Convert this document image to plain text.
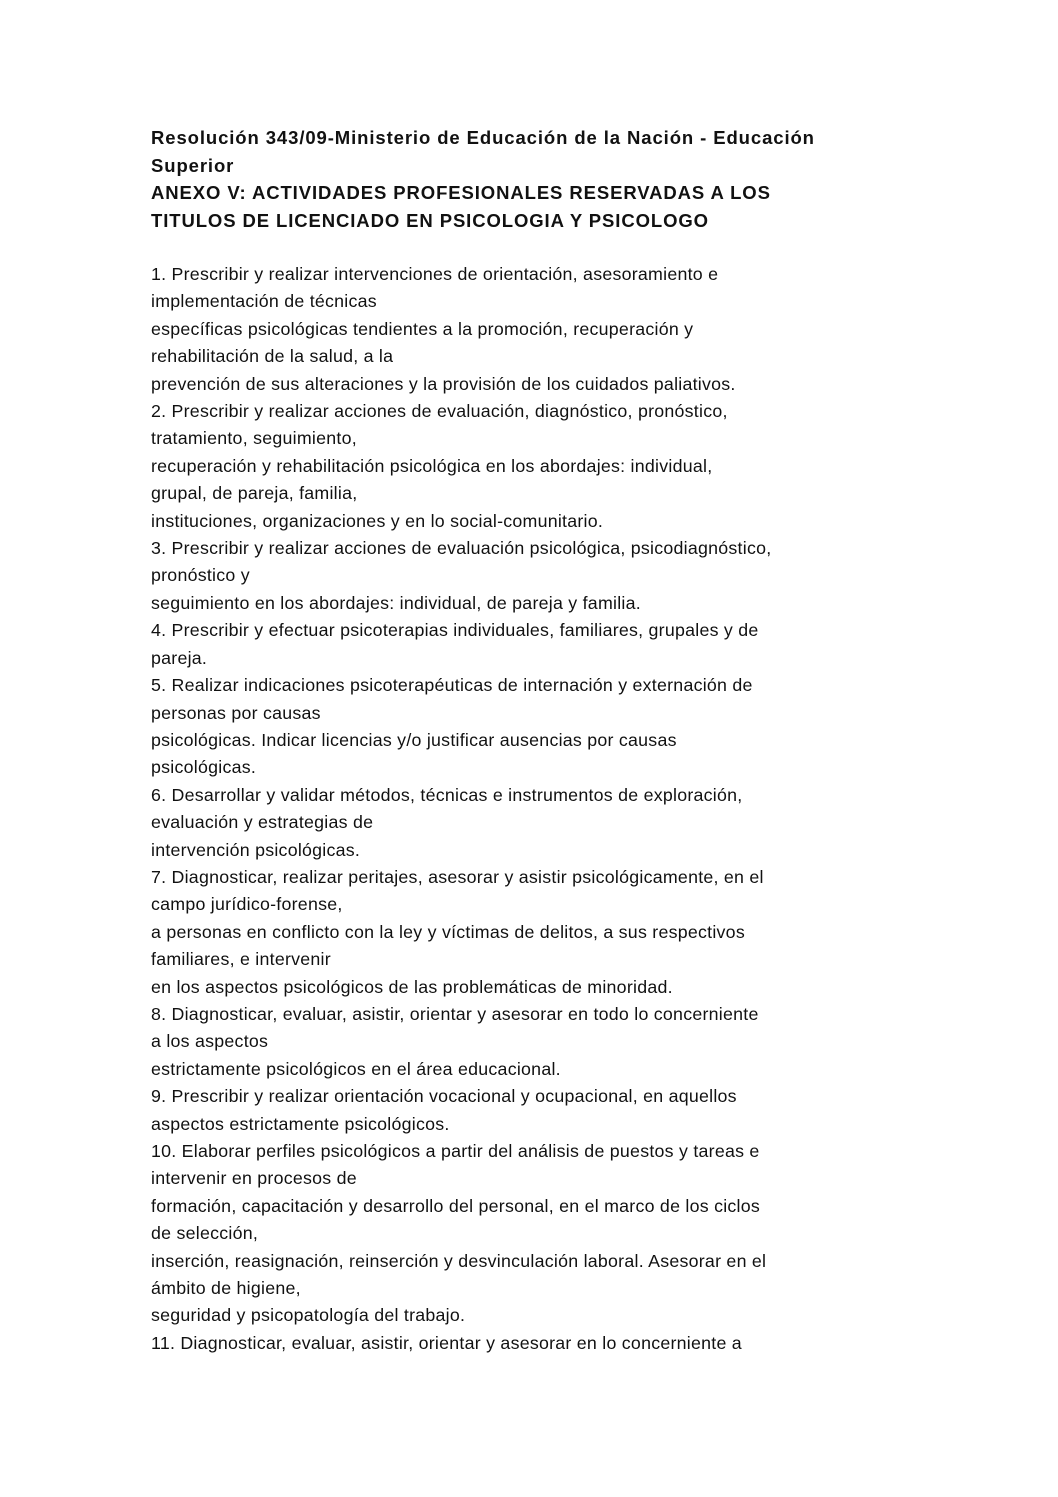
Resolución 343/09-Ministerio de Educación de la Nación - Educación
Superior
ANEXO V: ACTIVIDADES PROFESIONALES RESERVADAS A LOS
TITULOS DE LICENCIADO EN PSICOLOGIA Y PSICOLOGO
1. Prescribir y realizar intervenciones de orientación, asesoramiento e
implementación de técnicas
específicas psicológicas tendientes a la promoción, recuperación y
rehabilitación de la salud, a la
prevención de sus alteraciones y la provisión de los cuidados paliativos.
2. Prescribir y realizar acciones de evaluación, diagnóstico, pronóstico,
tratamiento, seguimiento,
recuperación y rehabilitación psicológica en los abordajes: individual,
grupal, de pareja, familia,
instituciones, organizaciones y en lo social-comunitario.
3. Prescribir y realizar acciones de evaluación psicológica, psicodiagnóstico,
pronóstico y
seguimiento en los abordajes: individual, de pareja y familia.
4. Prescribir y efectuar psicoterapias individuales, familiares, grupales y de
pareja.
5. Realizar indicaciones psicoterapéuticas de internación y externación de
personas por causas
psicológicas. Indicar licencias y/o justificar ausencias por causas
psicológicas.
6. Desarrollar y validar métodos, técnicas e instrumentos de exploración,
evaluación y estrategias de
intervención psicológicas.
7. Diagnosticar, realizar peritajes, asesorar y asistir psicológicamente, en el
campo jurídico-forense,
a personas en conflicto con la ley y víctimas de delitos, a sus respectivos
familiares, e intervenir
en los aspectos psicológicos de las problemáticas de minoridad.
8. Diagnosticar, evaluar, asistir, orientar y asesorar en todo lo concerniente
a los aspectos
estrictamente psicológicos en el área educacional.
9. Prescribir y realizar orientación vocacional y ocupacional, en aquellos
aspectos estrictamente psicológicos.
10. Elaborar perfiles psicológicos a partir del análisis de puestos y tareas e
intervenir en procesos de
formación, capacitación y desarrollo del personal, en el marco de los ciclos
de selección,
inserción, reasignación, reinserción y desvinculación laboral. Asesorar en el
ámbito de higiene,
seguridad y psicopatología del trabajo.
11. Diagnosticar, evaluar, asistir, orientar y asesorar en lo concerniente a
